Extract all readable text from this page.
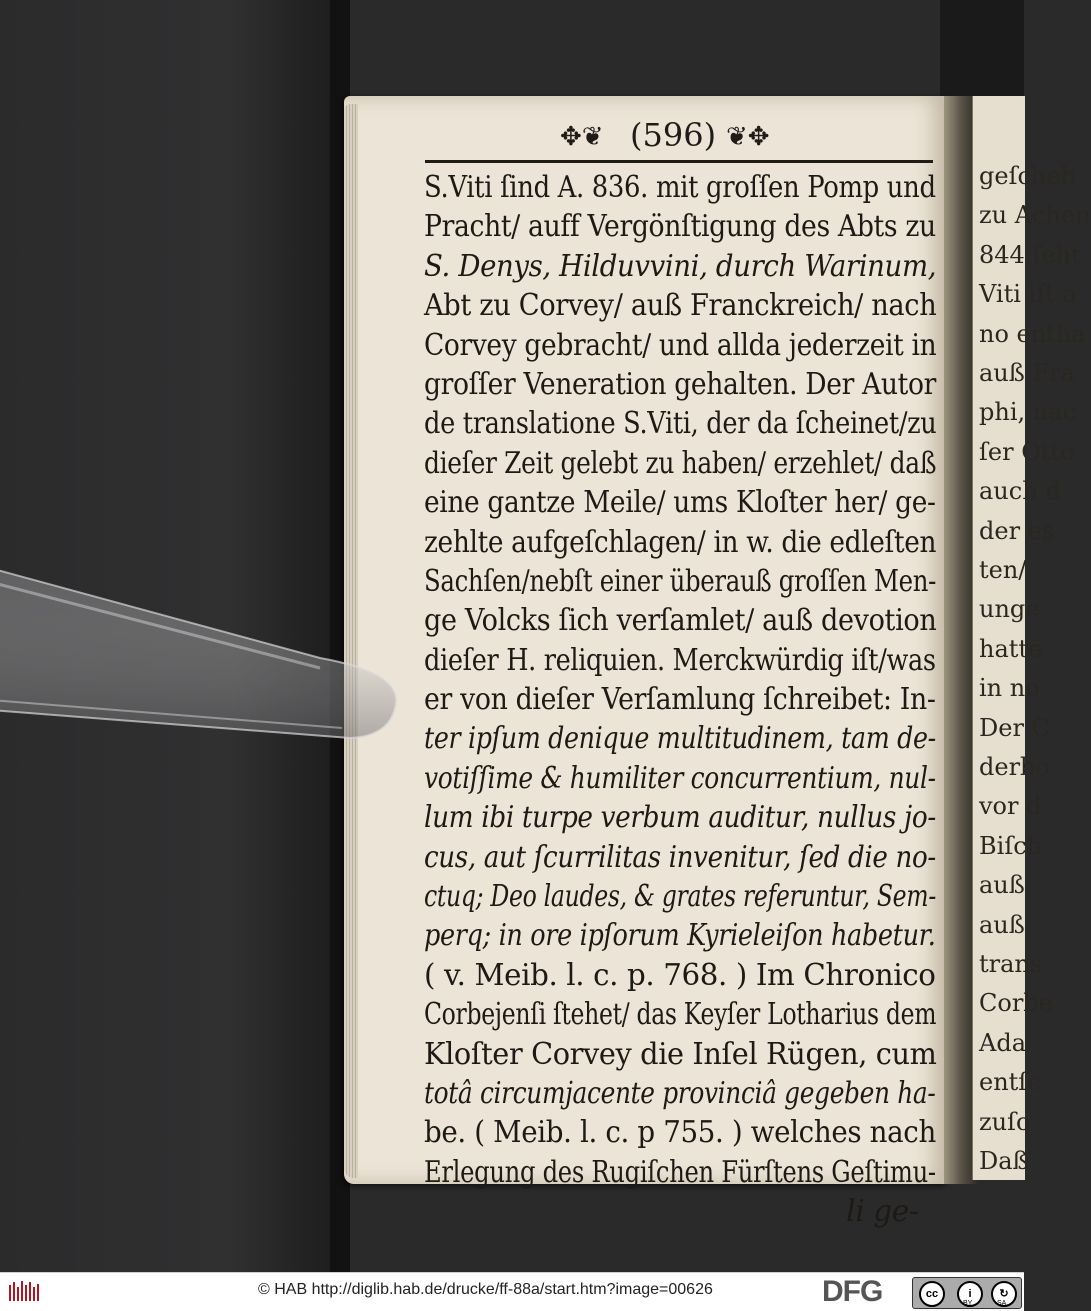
geſcheh
zu Achen
844.ſeht
Viti iſt a
no entha
auß Fra
phi, nac
ſer Otto
auch d
der es
ten/
unge
hatte
in no
Der C
derbo
vor d
Biſch
auß
auß
trans
Corbe
Ada
entſc
zuſo
Daß
✥❦ (596) ❦✥
S.Viti ſind A. 836. mit groſſen Pomp und
Pracht/ auff Vergönſtigung des Abts zu
S. Denys, Hilduvvini, durch Warinum,
Abt zu Corvey/ auß Franckreich/ nach
Corvey gebracht/ und allda jederzeit in
groſſer Veneration gehalten. Der Autor
de translatione S.Viti, der da ſcheinet/zu
dieſer Zeit gelebt zu haben/ erzehlet/ daß
eine gantze Meile/ ums Kloſter her/ ge-
zehlte aufgeſchlagen/ in w. die edleſten
Sachſen/nebſt einer überauß groſſen Men-
ge Volcks ſich verſamlet/ auß devotion
dieſer H. reliquien. Merckwürdig iſt/was
er von dieſer Verſamlung ſchreibet: In-
ter ipſum denique multitudinem, tam de-
votiſſime & humiliter concurrentium, nul-
lum ibi turpe verbum auditur, nullus jo-
cus, aut ſcurrilitas invenitur, ſed die no-
ctuq; Deo laudes, & grates referuntur, Sem-
perq; in ore ipſorum Kyrieleiſon habetur.
( v. Meib. l. c. p. 768. ) Im Chronico
Corbejenſi ſtehet/ das Keyſer Lotharius dem
Kloſter Corvey die Inſel Rügen, cum
totâ circumjacente provinciâ gegeben ha-
be. ( Meib. l. c. p 755. ) welches nach
Erlegung des Rugiſchen Fürſtens Geſtimu-
li ge-
© HAB http://diglib.hab.de/drucke/ff-88a/start.htm?image=00626	DFG	cc	i	↻
BY	SA
